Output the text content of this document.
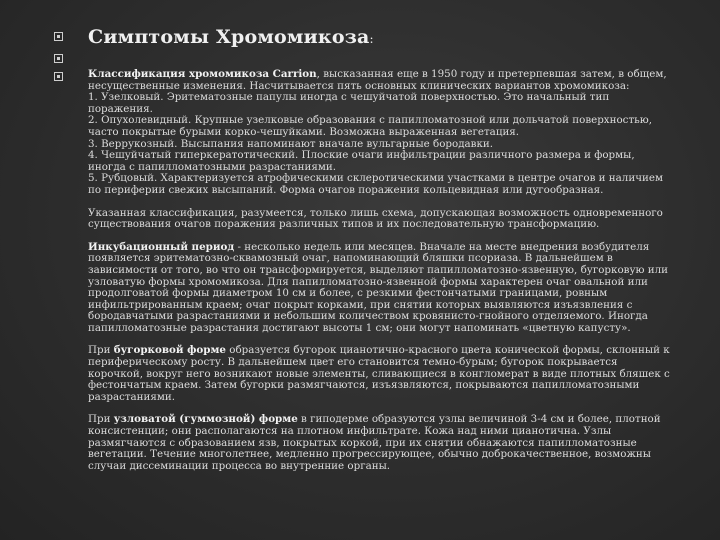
Симптомы Хромомикоза:

Классификация хромомикоза Carrion, высказанная еще в 1950 году и претерпевшая затем, в общем, несущественные изменения. Насчитывается пять основных клинических вариантов хромомикоза:
1. Узелковый. Эритематозные папулы иногда с чешуйчатой поверхностью. Это начальный тип поражения.
2. Опухолевидный. Крупные узелковые образования с папилломатозной или дольчатой поверхностью, часто покрытые бурыми корко-чешуйками. Возможна выраженная вегетация.
3. Веррукозный. Высыпания напоминают вначале вульгарные бородавки.
4. Чешуйчатый гиперкератотический. Плоские очаги инфильтрации различного размера и формы, иногда с папилломатозными разрастаниями.
5. Рубцовый. Характеризуется атрофическими склеротическими участками в центре очагов и наличием по периферии свежих высыпаний. Форма очагов поражения кольцевидная или дугообразная.

Указанная классификация, разумеется, только лишь схема, допускающая возможность одновременного существования очагов поражения различных типов и их последовательную трансформацию.

Инкубационный период - несколько недель или месяцев. Вначале на месте внедрения возбудителя появляется эритематозно-сквамозный очаг, напоминающий бляшки псориаза. В дальнейшем в зависимости от того, во что он трансформируется, выделяют папилломатозно-язвенную, бугорковую или узловатую формы хромомикоза. Для папилломатозно-язвенной формы характерен очаг овальной или продолговатой формы диаметром 10 см и более, с резкими фестончатыми границами, ровным инфильтрированным краем; очаг покрыт корками, при снятии которых выявляются изъязвления с бородавчатыми разрастаниями и небольшим количеством кровянисто-гнойного отделяемого. Иногда папилломатозные разрастания достигают высоты 1 см; они могут напоминать «цветную капусту».

При бугорковой форме образуется бугорок цианотично-красного цвета конической формы, склонный к периферическому росту. В дальнейшем цвет его становится темно-бурым; бугорок покрывается корочкой, вокруг него возникают новые элементы, сливающиеся в конгломерат в виде плотных бляшек с фестончатым краем. Затем бугорки размягчаются, изъязвляются, покрываются папилломатозными разрастаниями.

При узловатой (гуммозной) форме в гиподерме образуются узлы величиной 3-4 см и более, плотной консистенции; они располагаются на плотном инфильтрате. Кожа над ними цианотична. Узлы размягчаются с образованием язв, покрытых коркой, при их снятии обнажаются папилломатозные вегетации. Течение многолетнее, медленно прогрессирующее, обычно доброкачественное, возможны случаи диссеминации процесса во внутренние органы.
